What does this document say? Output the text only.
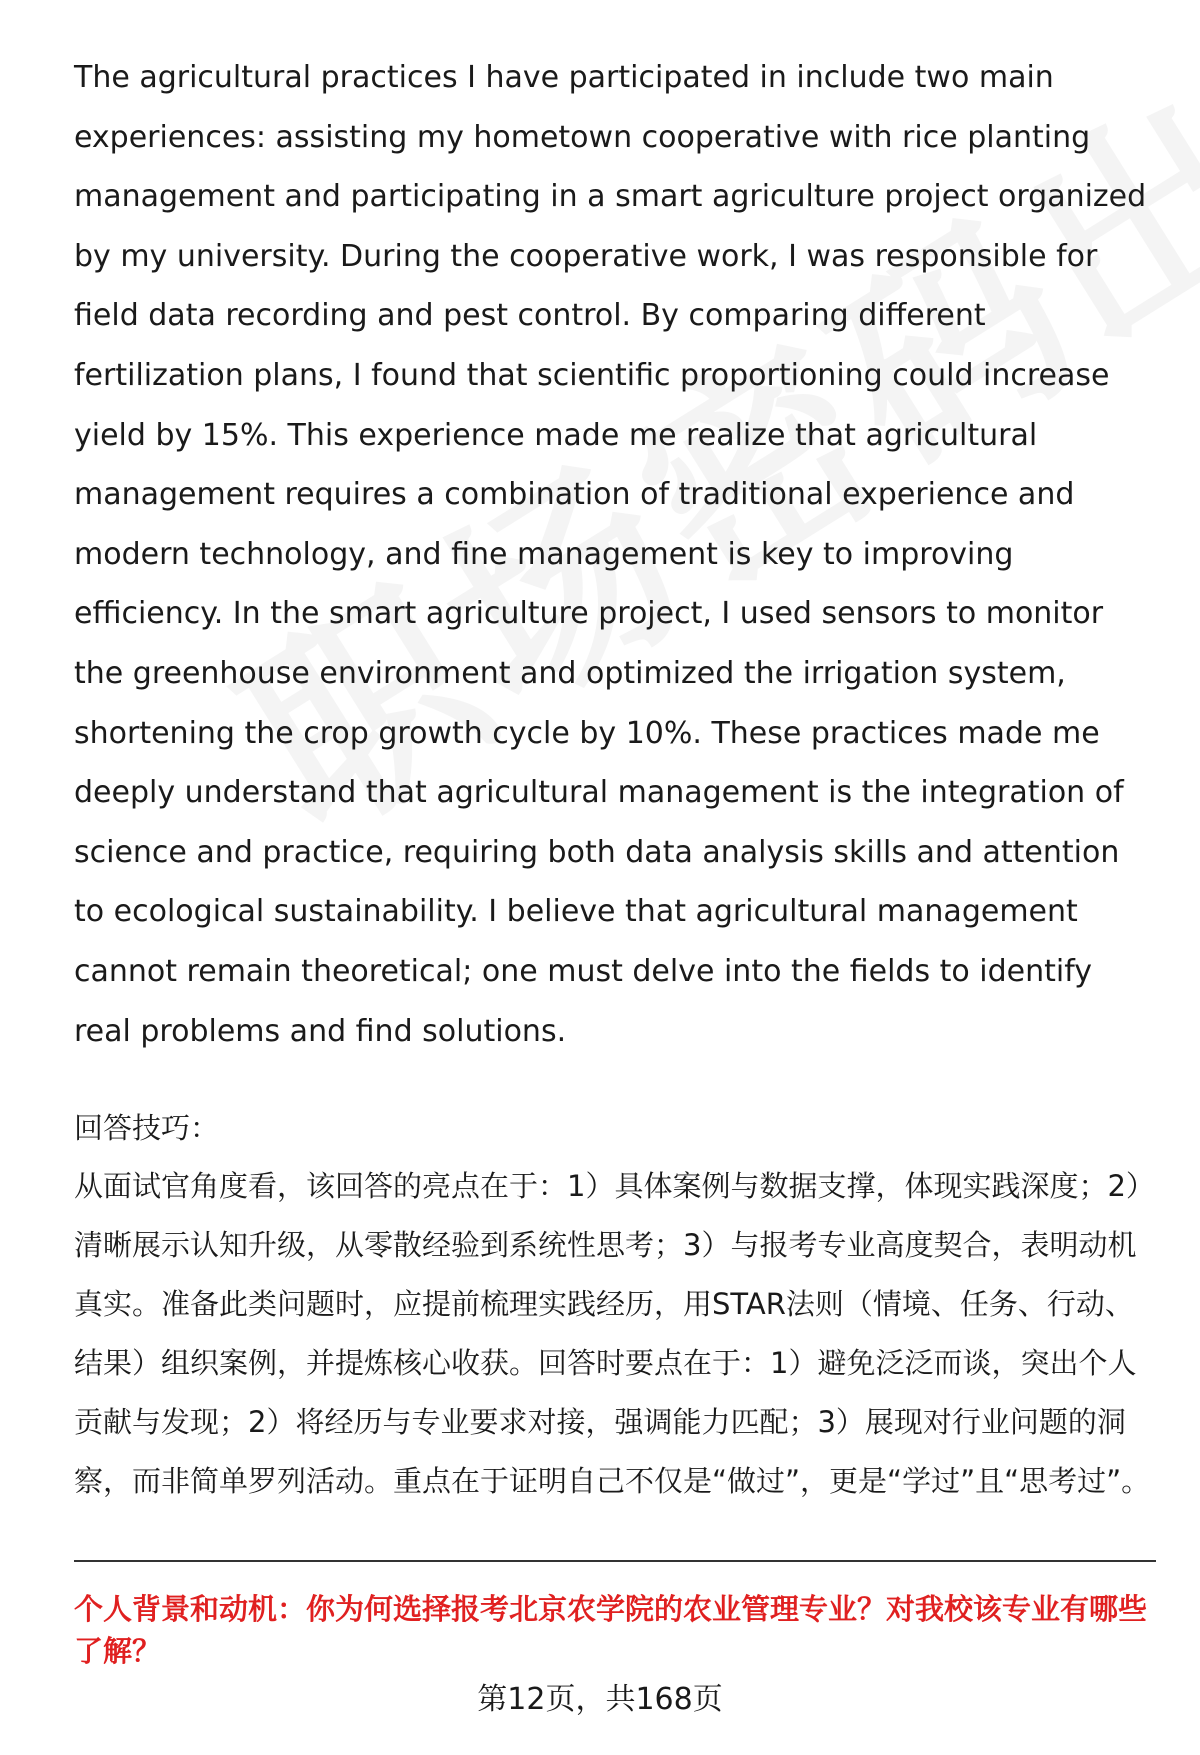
The agricultural practices I have participated in include two main experiences: assisting my hometown cooperative with rice planting management and participating in a smart agriculture project organized by my university. During the cooperative work, I was responsible for field data recording and pest control. By comparing different fertilization plans, I found that scientific proportioning could increase yield by 15%. This experience made me realize that agricultural management requires a combination of traditional experience and modern technology, and fine management is key to improving efficiency. In the smart agriculture project, I used sensors to monitor the greenhouse environment and optimized the irrigation system, shortening the crop growth cycle by 10%. These practices made me deeply understand that agricultural management is the integration of science and practice, requiring both data analysis skills and attention to ecological sustainability. I believe that agricultural management cannot remain theoretical; one must delve into the fields to identify real problems and find solutions.

回答技巧：

从面试官角度看，该回答的亮点在于：1）具体案例与数据支撑，体现实践深度；2）清晰展示认知升级，从零散经验到系统性思考；3）与报考专业高度契合，表明动机真实。准备此类问题时，应提前梳理实践经历，用STAR法则（情境、任务、行动、结果）组织案例，并提炼核心收获。回答时要点在于：1）避免泛泛而谈，突出个人贡献与发现；2）将经历与专业要求对接，强调能力匹配；3）展现对行业问题的洞察，而非简单罗列活动。重点在于证明自己不仅是“做过”，更是“学过”且“思考过”。

个人背景和动机：你为何选择报考北京农学院的农业管理专业？对我校该专业有哪些了解？
第12页，共168页
